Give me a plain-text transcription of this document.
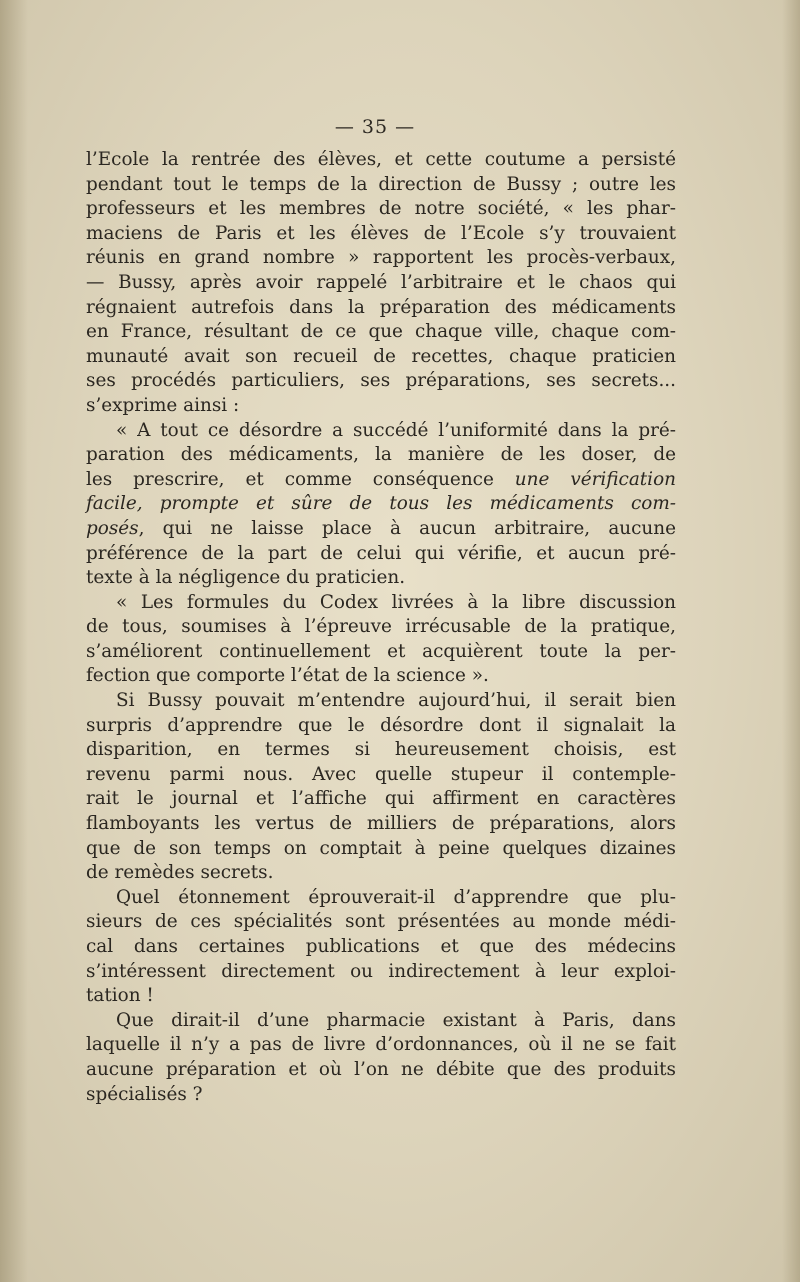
— 35 —
l’Ecole la rentrée des élèves, et cette coutume a persisté
pendant tout le temps de la direction de Bussy ; outre les
professeurs et les membres de notre société, « les phar-
maciens de Paris et les élèves de l’Ecole s’y trouvaient
réunis en grand nombre » rapportent les procès-verbaux,
— Bussy, après avoir rappelé l’arbitraire et le chaos qui
régnaient autrefois dans la préparation des médicaments
en France, résultant de ce que chaque ville, chaque com-
munauté avait son recueil de recettes, chaque praticien
ses procédés particuliers, ses préparations, ses secrets...
s’exprime ainsi :
« A tout ce désordre a succédé l’uniformité dans la pré-
paration des médicaments, la manière de les doser, de
les prescrire, et comme conséquence une vérification
facile, prompte et sûre de tous les médicaments com-
posés, qui ne laisse place à aucun arbitraire, aucune
préférence de la part de celui qui vérifie, et aucun pré-
texte à la négligence du praticien.
« Les formules du Codex livrées à la libre discussion
de tous, soumises à l’épreuve irrécusable de la pratique,
s’améliorent continuellement et acquièrent toute la per-
fection que comporte l’état de la science ».
Si Bussy pouvait m’entendre aujourd’hui, il serait bien
surpris d’apprendre que le désordre dont il signalait la
disparition, en termes si heureusement choisis, est
revenu parmi nous. Avec quelle stupeur il contemple-
rait le journal et l’affiche qui affirment en caractères
flamboyants les vertus de milliers de préparations, alors
que de son temps on comptait à peine quelques dizaines
de remèdes secrets.
Quel étonnement éprouverait-il d’apprendre que plu-
sieurs de ces spécialités sont présentées au monde médi-
cal dans certaines publications et que des médecins
s’intéressent directement ou indirectement à leur exploi-
tation !
Que dirait-il d’une pharmacie existant à Paris, dans
laquelle il n’y a pas de livre d’ordonnances, où il ne se fait
aucune préparation et où l’on ne débite que des produits
spécialisés ?
